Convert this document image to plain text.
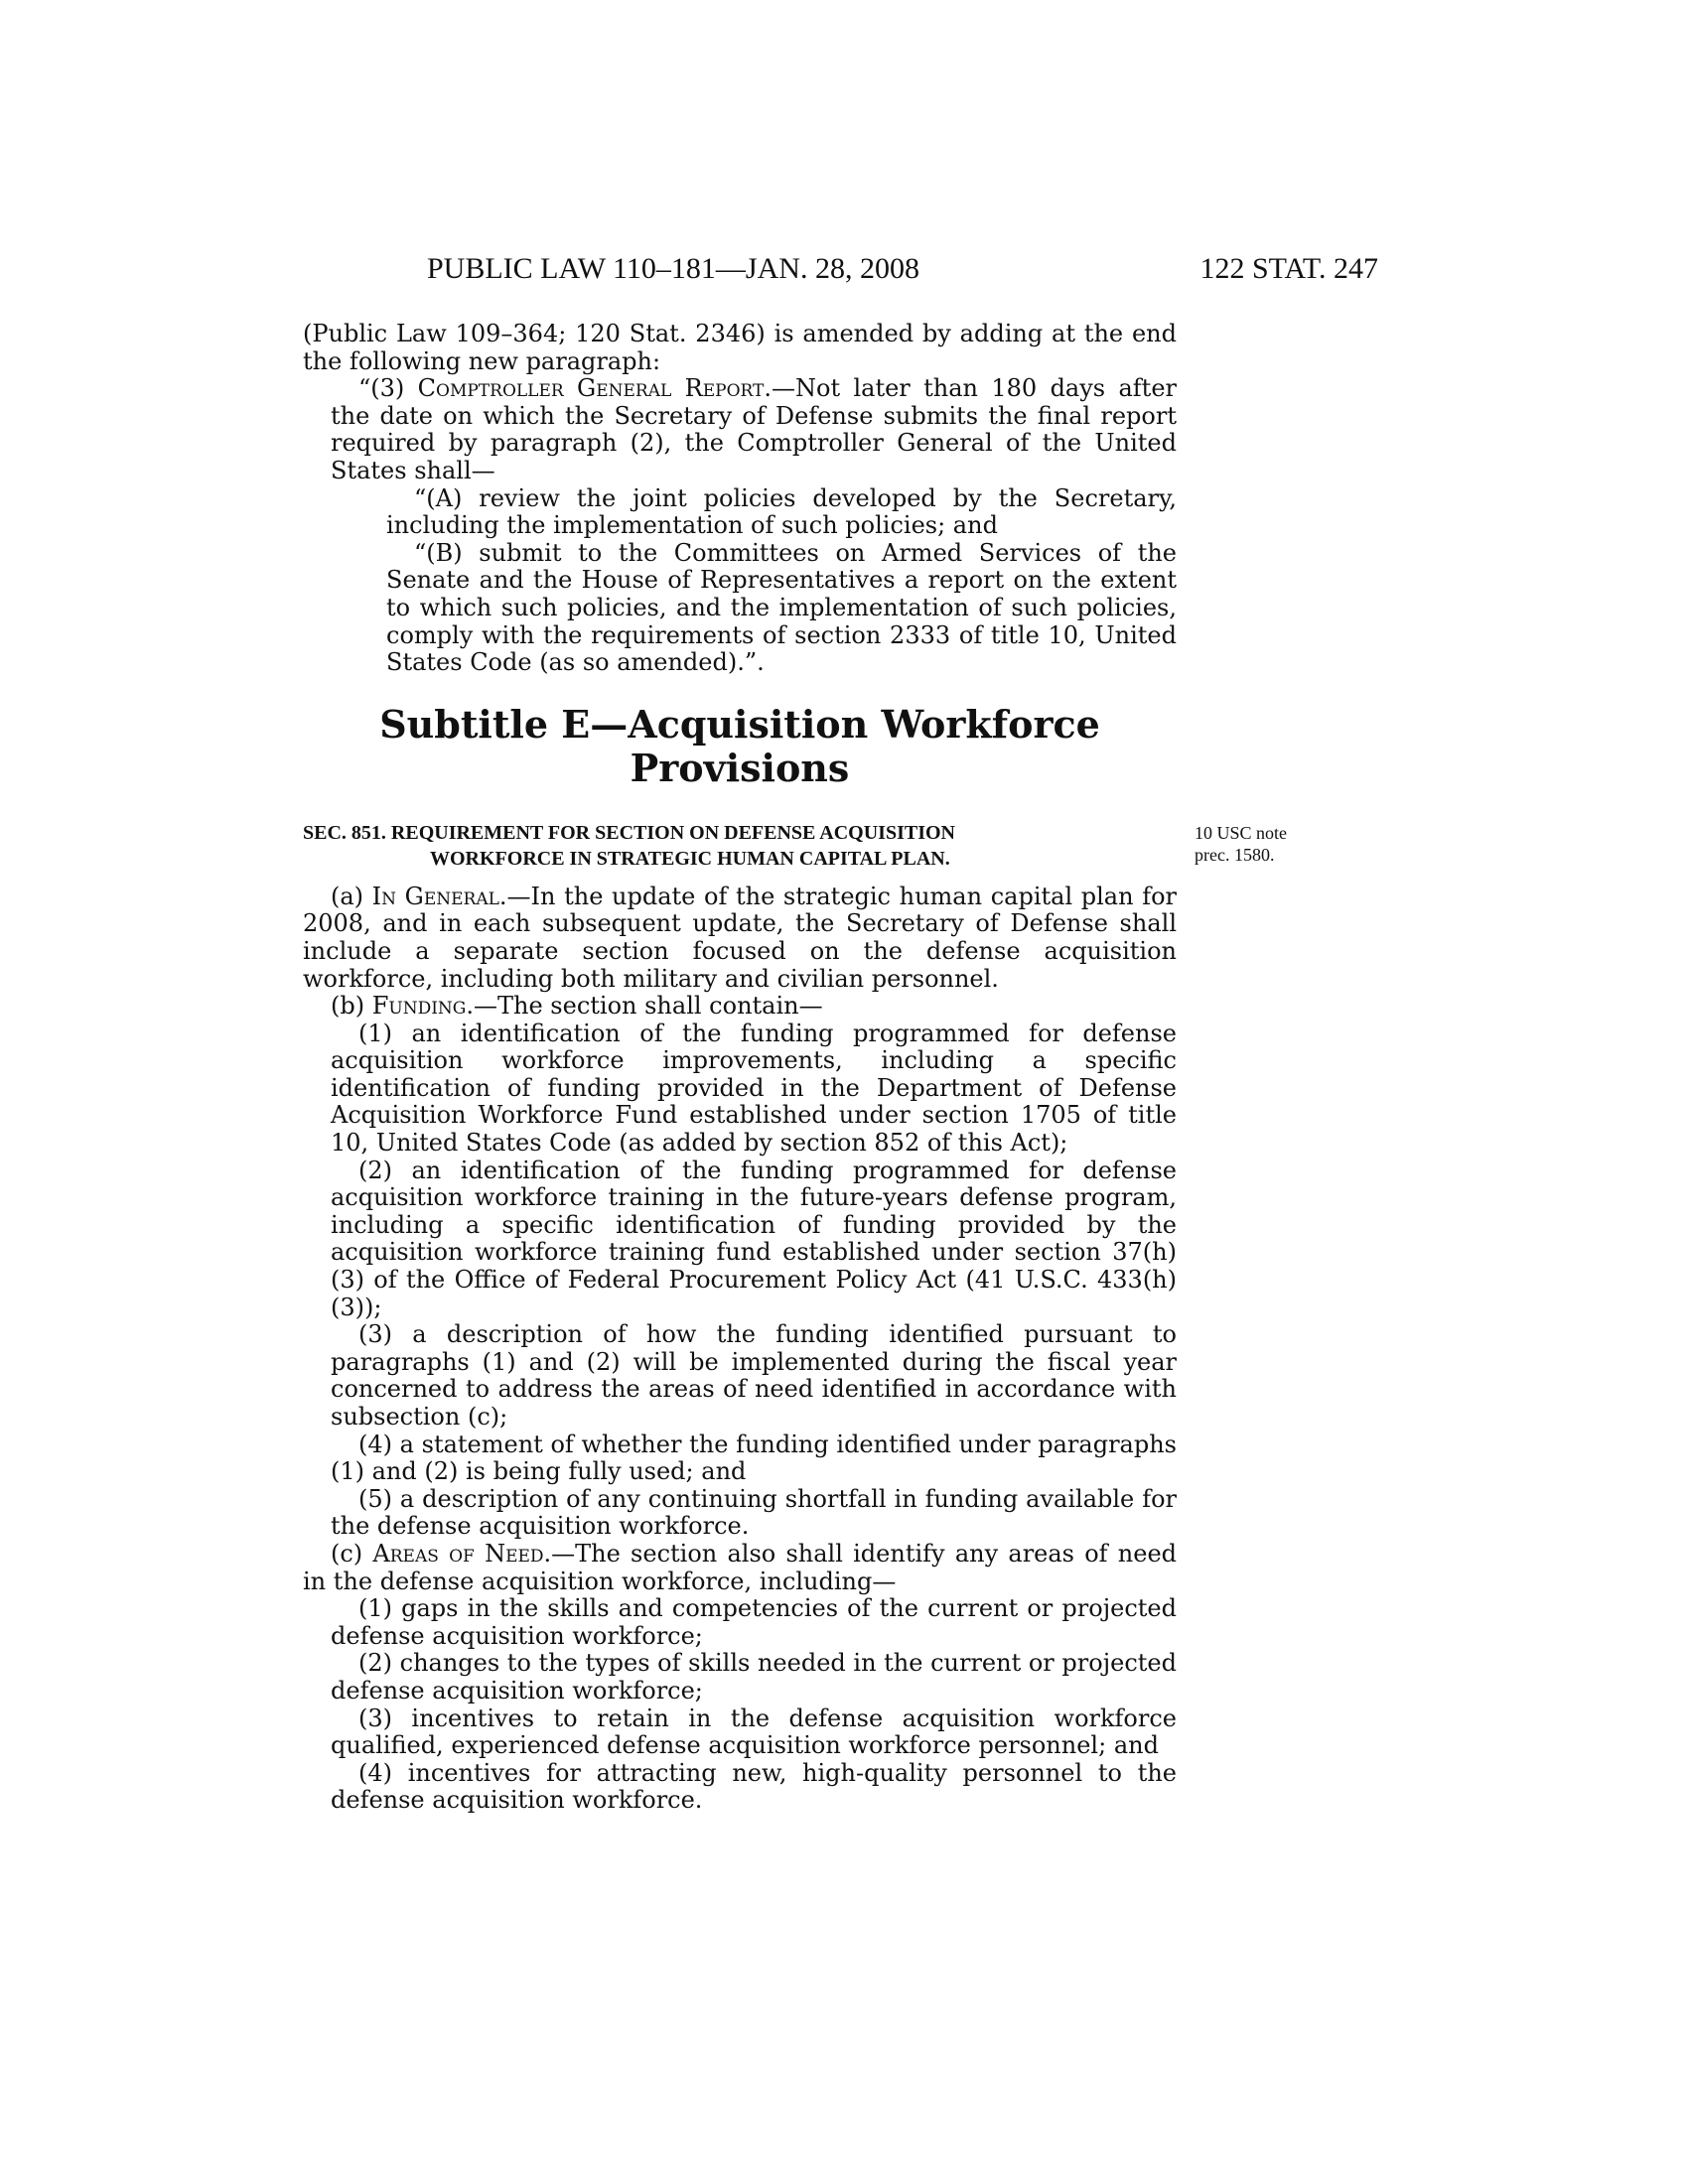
PUBLIC LAW 110–181—JAN. 28, 2008	122 STAT. 247
10 USC note
prec. 1580.

(Public Law 109–364; 120 Stat. 2346) is amended by adding at the end the following new paragraph:

“(3) Comptroller General Report.—Not later than 180 days after the date on which the Secretary of Defense submits the final report required by paragraph (2), the Comptroller General of the United States shall—

“(A) review the joint policies developed by the Secretary, including the implementation of such policies; and

“(B) submit to the Committees on Armed Services of the Senate and the House of Representatives a report on the extent to which such policies, and the implementation of such policies, comply with the requirements of section 2333 of title 10, United States Code (as so amended).”.

Subtitle E—Acquisition Workforce
Provisions

SEC. 851. REQUIREMENT FOR SECTION ON DEFENSE ACQUISITION
WORKFORCE IN STRATEGIC HUMAN CAPITAL PLAN.

(a) In General.—In the update of the strategic human capital plan for 2008, and in each subsequent update, the Secretary of Defense shall include a separate section focused on the defense acquisition workforce, including both military and civilian personnel.

(b) Funding.—The section shall contain—

(1) an identification of the funding programmed for defense acquisition workforce improvements, including a specific identification of funding provided in the Department of Defense Acquisition Workforce Fund established under section 1705 of title 10, United States Code (as added by section 852 of this Act);

(2) an identification of the funding programmed for defense acquisition workforce training in the future-years defense program, including a specific identification of funding provided by the acquisition workforce training fund established under section 37(h)(3) of the Office of Federal Procurement Policy Act (41 U.S.C. 433(h)(3));

(3) a description of how the funding identified pursuant to paragraphs (1) and (2) will be implemented during the fiscal year concerned to address the areas of need identified in accordance with subsection (c);

(4) a statement of whether the funding identified under paragraphs (1) and (2) is being fully used; and

(5) a description of any continuing shortfall in funding available for the defense acquisition workforce.

(c) Areas of Need.—The section also shall identify any areas of need in the defense acquisition workforce, including—

(1) gaps in the skills and competencies of the current or projected defense acquisition workforce;

(2) changes to the types of skills needed in the current or projected defense acquisition workforce;

(3) incentives to retain in the defense acquisition workforce qualified, experienced defense acquisition workforce personnel; and

(4) incentives for attracting new, high-quality personnel to the defense acquisition workforce.
